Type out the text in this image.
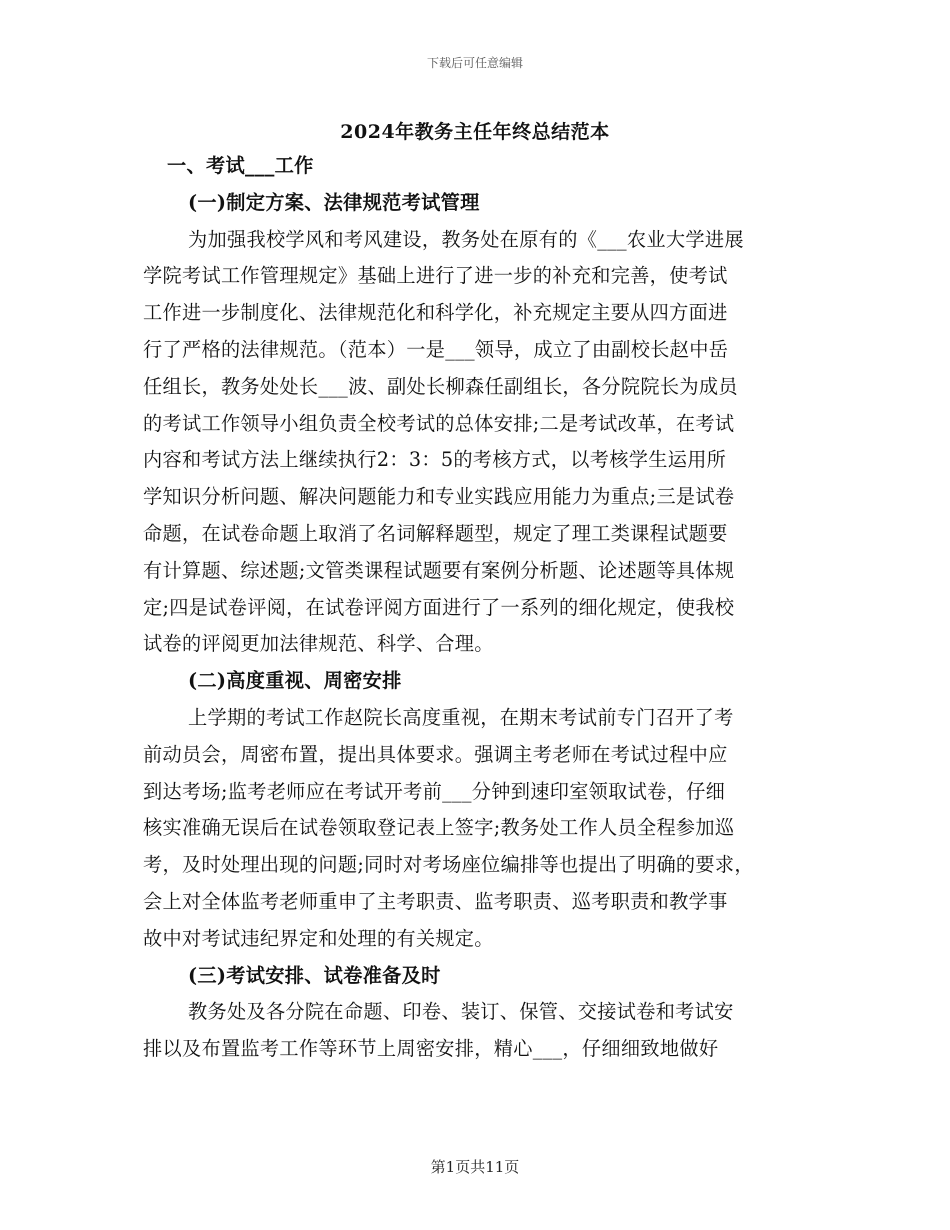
下载后可任意编辑
2024年教务主任年终总结范本
一、考试___工作
(一)制定方案、法律规范考试管理
为加强我校学风和考风建设，教务处在原有的《___农业大学进展
学院考试工作管理规定》基础上进行了进一步的补充和完善，使考试
工作进一步制度化、法律规范化和科学化，补充规定主要从四方面进
行了严格的法律规范。（范本）一是___领导，成立了由副校长赵中岳
任组长，教务处处长___波、副处长柳森任副组长，各分院院长为成员
的考试工作领导小组负责全校考试的总体安排;二是考试改革，在考试
内容和考试方法上继续执行2：3：5的考核方式，以考核学生运用所
学知识分析问题、解决问题能力和专业实践应用能力为重点;三是试卷
命题，在试卷命题上取消了名词解释题型，规定了理工类课程试题要
有计算题、综述题;文管类课程试题要有案例分析题、论述题等具体规
定;四是试卷评阅，在试卷评阅方面进行了一系列的细化规定，使我校
试卷的评阅更加法律规范、科学、合理。
(二)高度重视、周密安排
上学期的考试工作赵院长高度重视，在期末考试前专门召开了考
前动员会，周密布置，提出具体要求。强调主考老师在考试过程中应
到达考场;监考老师应在考试开考前___分钟到速印室领取试卷，仔细
核实准确无误后在试卷领取登记表上签字;教务处工作人员全程参加巡
考，及时处理出现的问题;同时对考场座位编排等也提出了明确的要求，
会上对全体监考老师重申了主考职责、监考职责、巡考职责和教学事
故中对考试违纪界定和处理的有关规定。
(三)考试安排、试卷准备及时
教务处及各分院在命题、印卷、装订、保管、交接试卷和考试安
排以及布置监考工作等环节上周密安排，精心___，仔细细致地做好
第1页共11页
